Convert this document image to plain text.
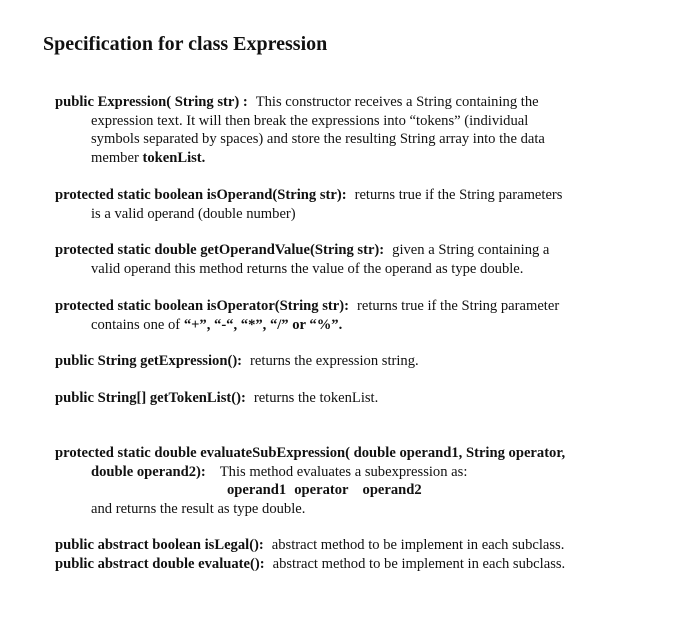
Specification for class Expression
public Expression( String str) : This constructor receives a String containing the
expression text. It will then break the expressions into “tokens” (individual
symbols separated by spaces) and store the resulting String array into the data
member tokenList.
protected static boolean isOperand(String str): returns true if the String parameters
is a valid operand (double number)
protected static double getOperandValue(String str): given a String containing a
valid operand this method returns the value of the operand as type double.
protected static boolean isOperator(String str): returns true if the String parameter
contains one of “+”, “-“, “*”, “/” or “%”.
public String getExpression(): returns the expression string.
public String[] getTokenList(): returns the tokenList.
protected static double evaluateSubExpression( double operand1, String operator,
double operand2): This method evaluates a subexpression as:
operand1 operator operand2
and returns the result as type double.
public abstract boolean isLegal(): abstract method to be implement in each subclass.
public abstract double evaluate(): abstract method to be implement in each subclass.
